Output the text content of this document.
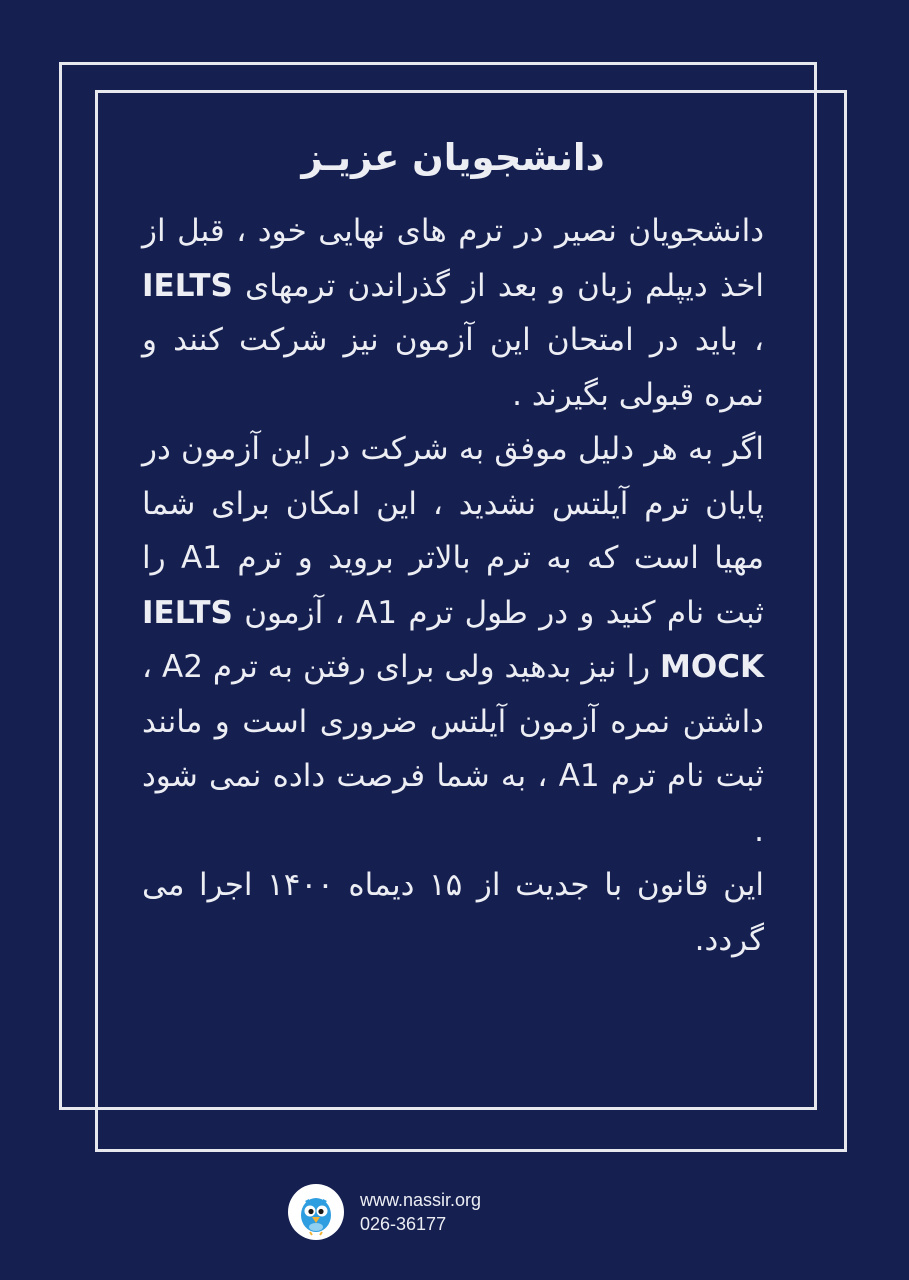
دانشجویان عزیـز

دانشجویان نصیر در ترم های نهایی خود ، قبل از اخذ دیپلم زبان و بعد از گذراندن ترمهای IELTS ، باید در امتحان این آزمون نیز شرکت کنند و نمره قبولی بگیرند .

اگر به هر دلیل موفق به شرکت در این آزمون در پایان ترم آیلتس نشدید ، این امکان برای شما مهیا است که به ترم بالاتر بروید و ترم A1 را ثبت نام کنید و در طول ترم A1 ، آزمون IELTS MOCK را نیز بدهید ولی برای رفتن به ترم A2 ، داشتن نمره آزمون آیلتس ضروری است و مانند ثبت نام ترم A1 ، به شما فرصت داده نمی شود .

این قانون با جدیت از ۱۵ دیماه ۱۴۰۰ اجرا می گردد.

www.nassir.org
026-36177
